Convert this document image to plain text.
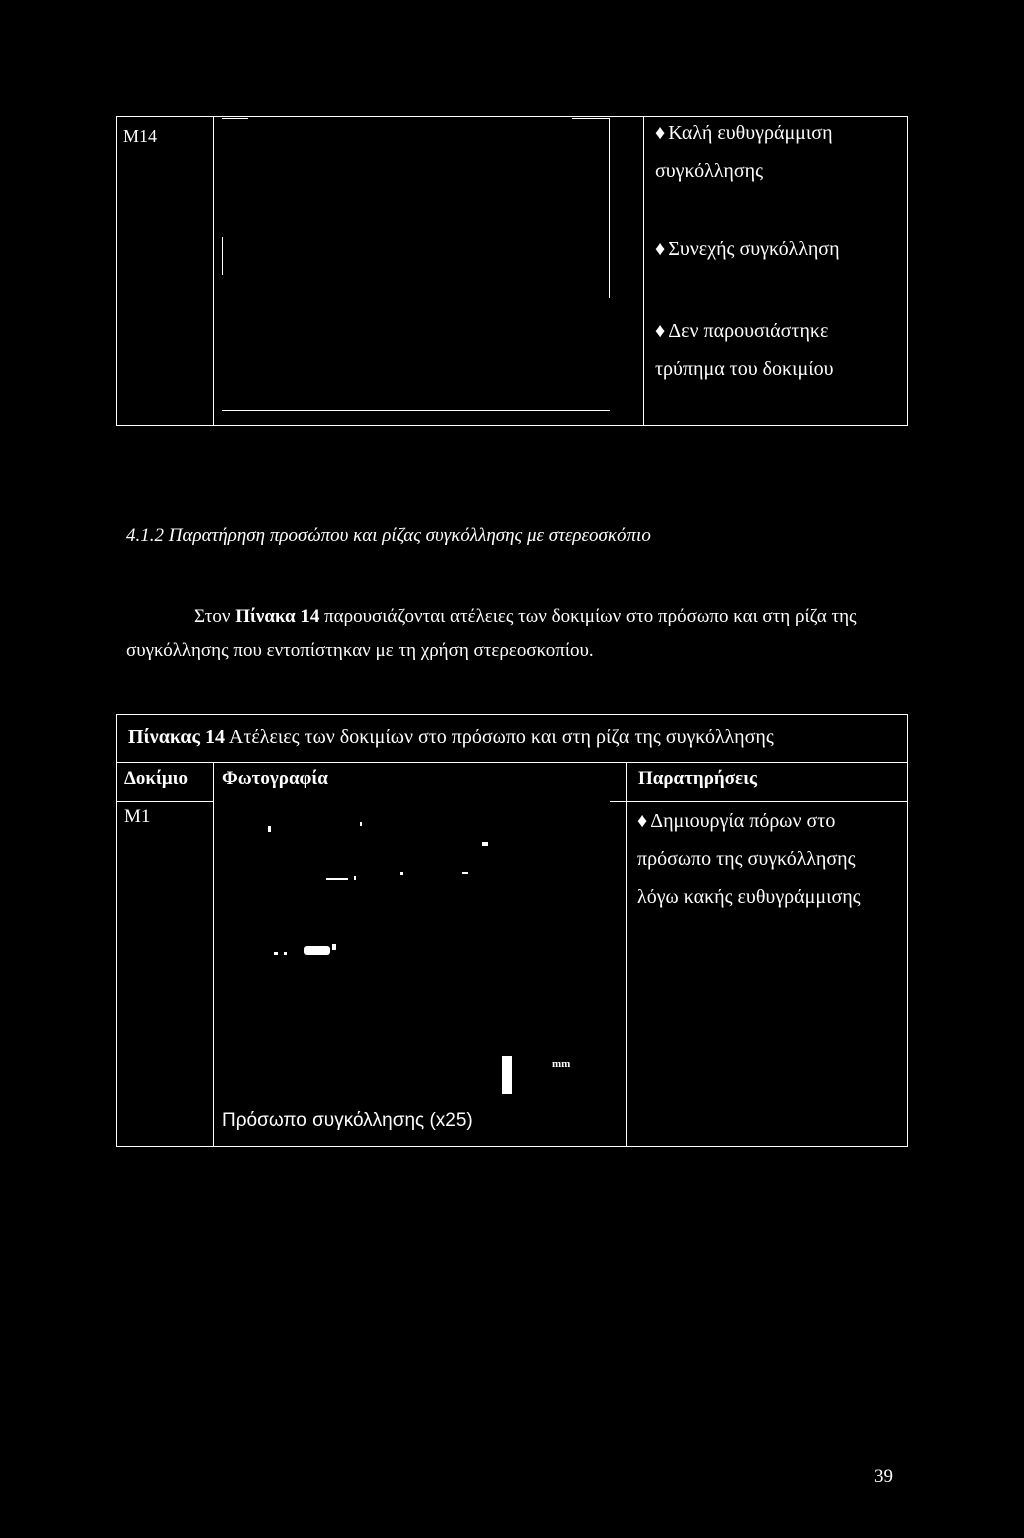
M14	♦ Καλή ευθυγράμμιση συγκόλλησης
♦ Συνεχής συγκόλληση
♦ Δεν παρουσιάστηκε τρύπημα του δοκιμίου
4.1.2 Παρατήρηση προσώπου και ρίζας συγκόλλησης με στερεοσκόπιο
Στον Πίνακα 14 παρουσιάζονται ατέλειες των δοκιμίων στο πρόσωπο και στη ρίζα της συγκόλλησης που εντοπίστηκαν με τη χρήση στερεοσκοπίου.
Πίνακας 14 Ατέλειες των δοκιμίων στο πρόσωπο και στη ρίζα της συγκόλλησης
Δοκίμιο Φωτογραφία	Παρατηρήσεις
M1
mm
Πρόσωπο συγκόλλησης (x25)
♦ Δημιουργία πόρων στο πρόσωπο της συγκόλλησης λόγω κακής ευθυγράμμισης
39
